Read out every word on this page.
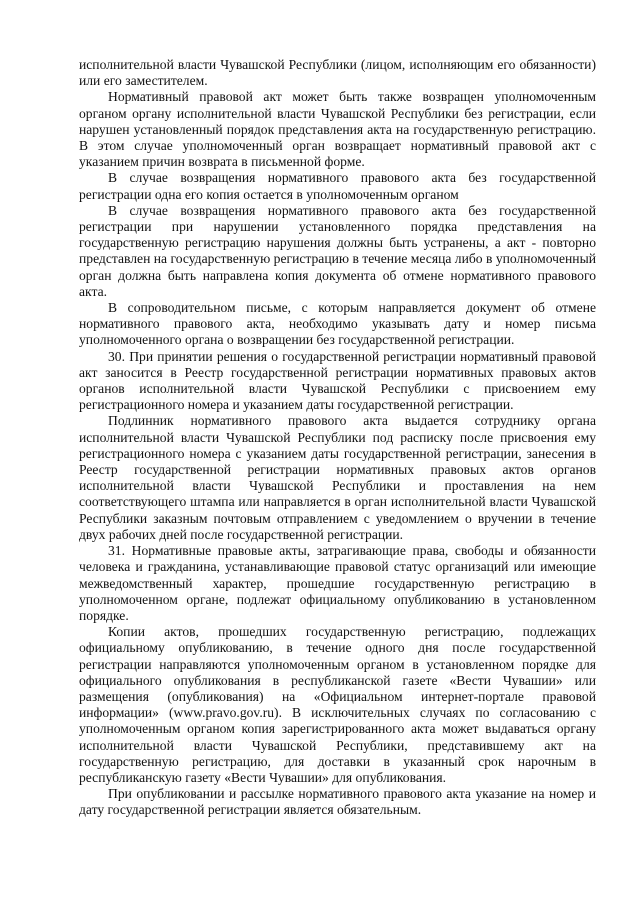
исполнительной власти Чувашской Республики (лицом, исполняющим его обязанности) или его заместителем.

Нормативный правовой акт может быть также возвращен уполномоченным органом органу исполнительной власти Чувашской Республики без регистрации, если нарушен установленный порядок представления акта на государственную регистрацию. В этом случае уполномоченный орган возвращает нормативный правовой акт с указанием причин возврата в письменной форме.

В случае возвращения нормативного правового акта без государственной регистрации одна его копия остается в уполномоченным органом

В случае возвращения нормативного правового акта без государственной регистрации при нарушении установленного порядка представления на государственную регистрацию нарушения должны быть устранены, а акт - повторно представлен на государственную регистрацию в течение месяца либо в уполномоченный орган должна быть направлена копия документа об отмене нормативного правового акта.

В сопроводительном письме, с которым направляется документ об отмене нормативного правового акта, необходимо указывать дату и номер письма уполномоченного органа о возвращении без государственной регистрации.

30. При принятии решения о государственной регистрации нормативный правовой акт заносится в Реестр государственной регистрации нормативных правовых актов органов исполнительной власти Чувашской Республики с присвоением ему регистрационного номера и указанием даты государственной регистрации.

Подлинник нормативного правового акта выдается сотруднику органа исполнительной власти Чувашской Республики под расписку после присвоения ему регистрационного номера с указанием даты государственной регистрации, занесения в Реестр государственной регистрации нормативных правовых актов органов исполнительной власти Чувашской Республики и проставления на нем соответствующего штампа или направляется в орган исполнительной власти Чувашской Республики заказным почтовым отправлением с уведомлением о вручении в течение двух рабочих дней после государственной регистрации.

31. Нормативные правовые акты, затрагивающие права, свободы и обязанности человека и гражданина, устанавливающие правовой статус организаций или имеющие межведомственный характер, прошедшие государственную регистрацию в уполномоченном органе, подлежат официальному опубликованию в установленном порядке.

Копии актов, прошедших государственную регистрацию, подлежащих официальному опубликованию, в течение одного дня после государственной регистрации направляются уполномоченным органом в установленном порядке для официального опубликования в республиканской газете «Вести Чувашии» или размещения (опубликования) на «Официальном интернет-портале правовой информации» (www.pravo.gov.ru). В исключительных случаях по согласованию с уполномоченным органом копия зарегистрированного акта может выдаваться органу исполнительной власти Чувашской Республики, представившему акт на государственную регистрацию, для доставки в указанный срок нарочным в республиканскую газету «Вести Чувашии» для опубликования.

При опубликовании и рассылке нормативного правового акта указание на номер и дату государственной регистрации является обязательным.
